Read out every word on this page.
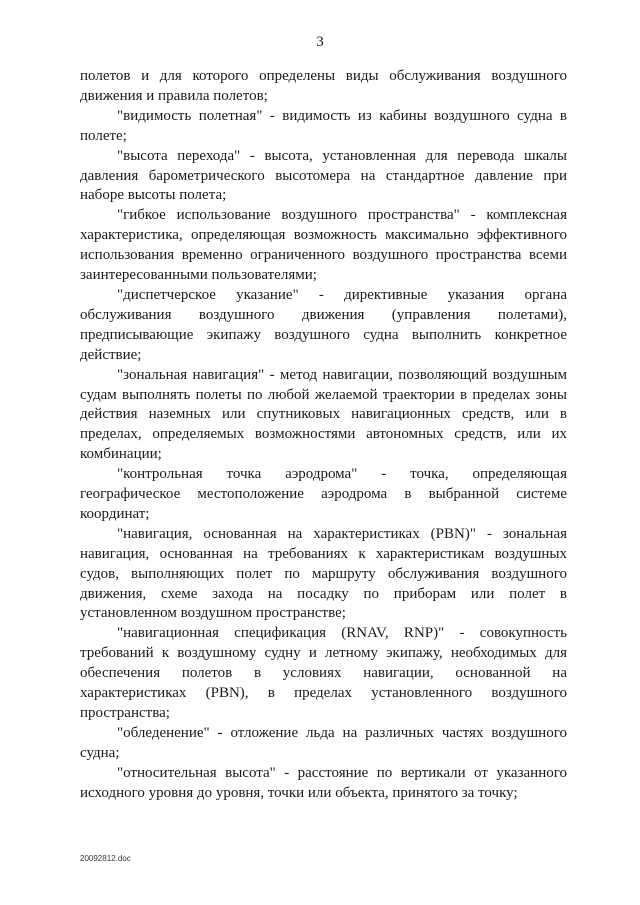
3

полетов и для которого определены виды обслуживания воздушного движения и правила полетов;

"видимость полетная" - видимость из кабины воздушного судна в полете;

"высота перехода" - высота, установленная для перевода шкалы давления барометрического высотомера на стандартное давление при наборе высоты полета;

"гибкое использование воздушного пространства" - комплексная характеристика, определяющая возможность максимально эффективного использования временно ограниченного воздушного пространства всеми заинтересованными пользователями;

"диспетчерское указание" - директивные указания органа обслуживания воздушного движения (управления полетами), предписывающие экипажу воздушного судна выполнить конкретное действие;

"зональная навигация" - метод навигации, позволяющий воздушным судам выполнять полеты по любой желаемой траектории в пределах зоны действия наземных или спутниковых навигационных средств, или в пределах, определяемых возможностями автономных средств, или их комбинации;

"контрольная точка аэродрома" - точка, определяющая географическое местоположение аэродрома в выбранной системе координат;

"навигация, основанная на характеристиках (PBN)" - зональная навигация, основанная на требованиях к характеристикам воздушных судов, выполняющих полет по маршруту обслуживания воздушного движения, схеме захода на посадку по приборам или полет в установленном воздушном пространстве;

"навигационная спецификация (RNAV, RNP)" - совокупность требований к воздушному судну и летному экипажу, необходимых для обеспечения полетов в условиях навигации, основанной на характеристиках (PBN), в пределах установленного воздушного пространства;

"обледенение" - отложение льда на различных частях воздушного судна;

"относительная высота" - расстояние по вертикали от указанного исходного уровня до уровня, точки или объекта, принятого за точку;

20092812.doc
